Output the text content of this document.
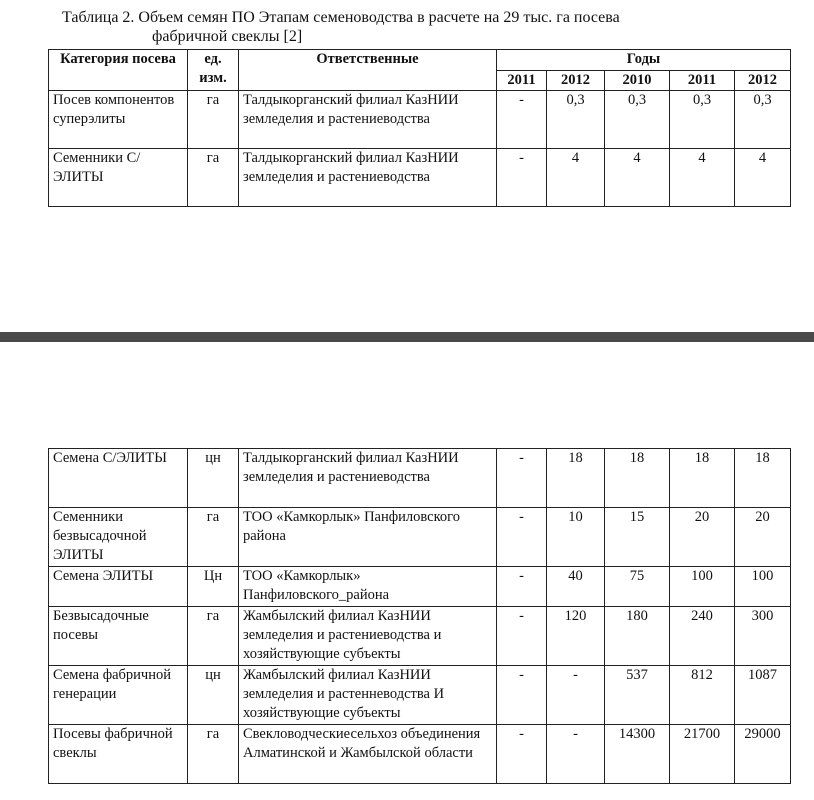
Таблица 2. Объем семян ПО Этапам семеноводства в расчете на 29 тыс. га посева
фабричной свеклы [2]
Категория посева	ед. изм.	Ответственные	Годы				
			2011	2012	2010	2011	2012
Посев компонентов суперэлиты	га	Талдыкорганский филиал КазНИИ земледелия и растениеводства	-	0,3	0,3	0,3	0,3
Семенники С/ЭЛИТЫ	га	Талдыкорганский филиал КазНИИ земледелия и растениеводства	-	4	4	4	4
Семена С/ЭЛИТЫ	цн	Талдыкорганский филиал КазНИИ земледелия и растениеводства	-	18	18	18	18
Семенники безвысадочной ЭЛИТЫ	га	ТОО «Камкорлык» Панфиловского района	-	10	15	20	20
Семена ЭЛИТЫ	Цн	ТОО «Камкорлык» Панфиловского_района	-	40	75	100	100
Безвысадочные посевы	га	Жамбылский филиал КазНИИ земледелия и растениеводства и хозяйствующие субъекты	-	120	180	240	300
Семена фабричной генерации	цн	Жамбылский филиал КазНИИ земледелия и растенневодства И хозяйствующие субъекты	-	-	537	812	1087
Посевы фабричной свеклы	га	Свекловодческиесельхоз объединения Алматинской и Жамбылской области	-	-	14300	21700	29000
